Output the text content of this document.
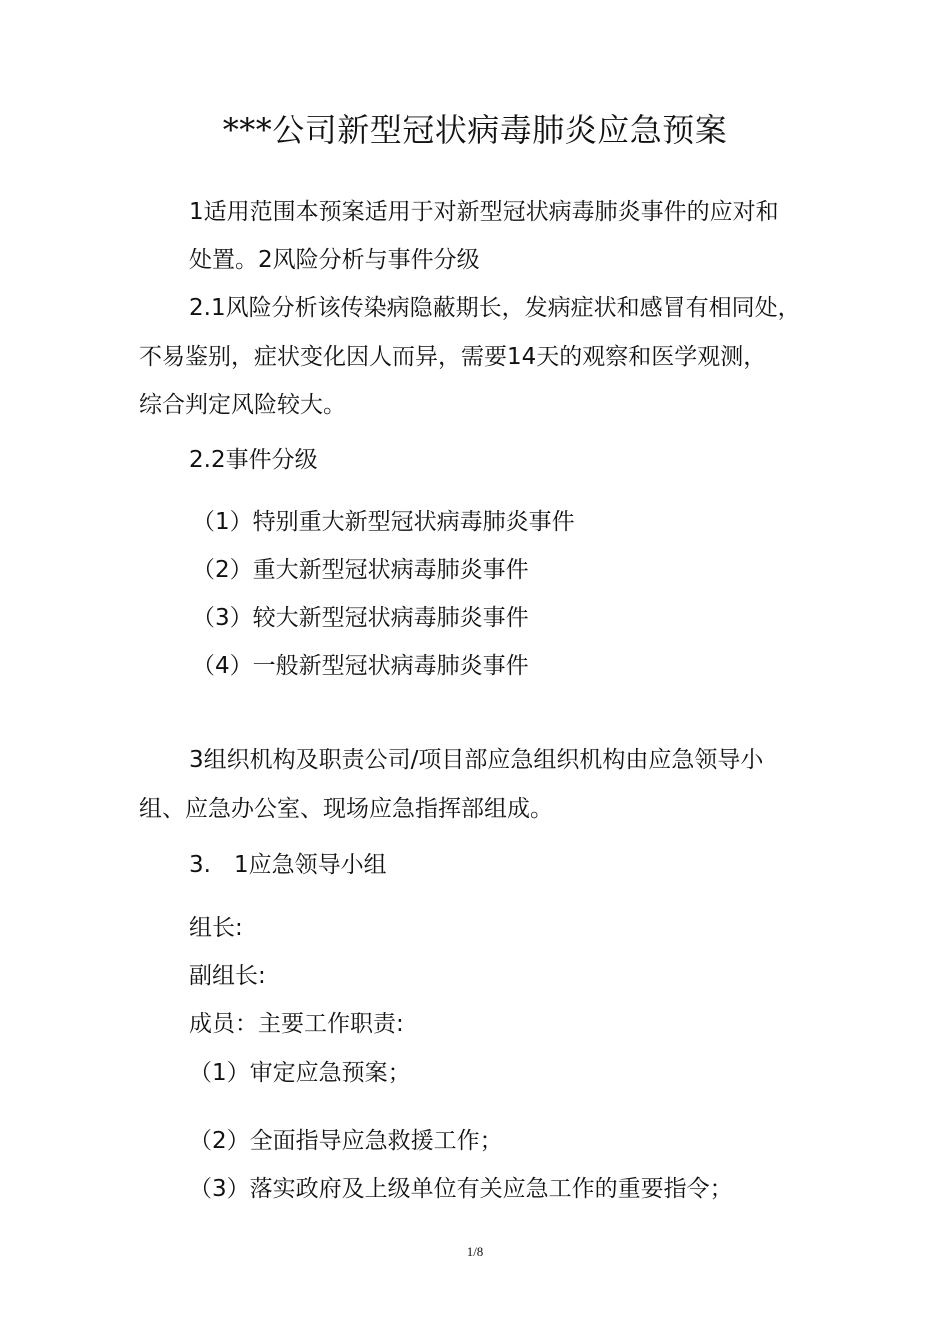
***公司新型冠状病毒肺炎应急预案
1适用范围本预案适用于对新型冠状病毒肺炎事件的应对和
处置。2风险分析与事件分级
2.1风险分析该传染病隐蔽期长，发病症状和感冒有相同处，
不易鉴别，症状变化因人而异，需要14天的观察和医学观测，
综合判定风险较大。
2.2事件分级
（1）特别重大新型冠状病毒肺炎事件
（2）重大新型冠状病毒肺炎事件
（3）较大新型冠状病毒肺炎事件
（4）一般新型冠状病毒肺炎事件
3组织机构及职责公司/项目部应急组织机构由应急领导小
组、应急办公室、现场应急指挥部组成。
3.　1应急领导小组
组长:
副组长:
成员：主要工作职责:
（1）审定应急预案；
（2）全面指导应急救援工作；
（3）落实政府及上级单位有关应急工作的重要指令；
1/8
